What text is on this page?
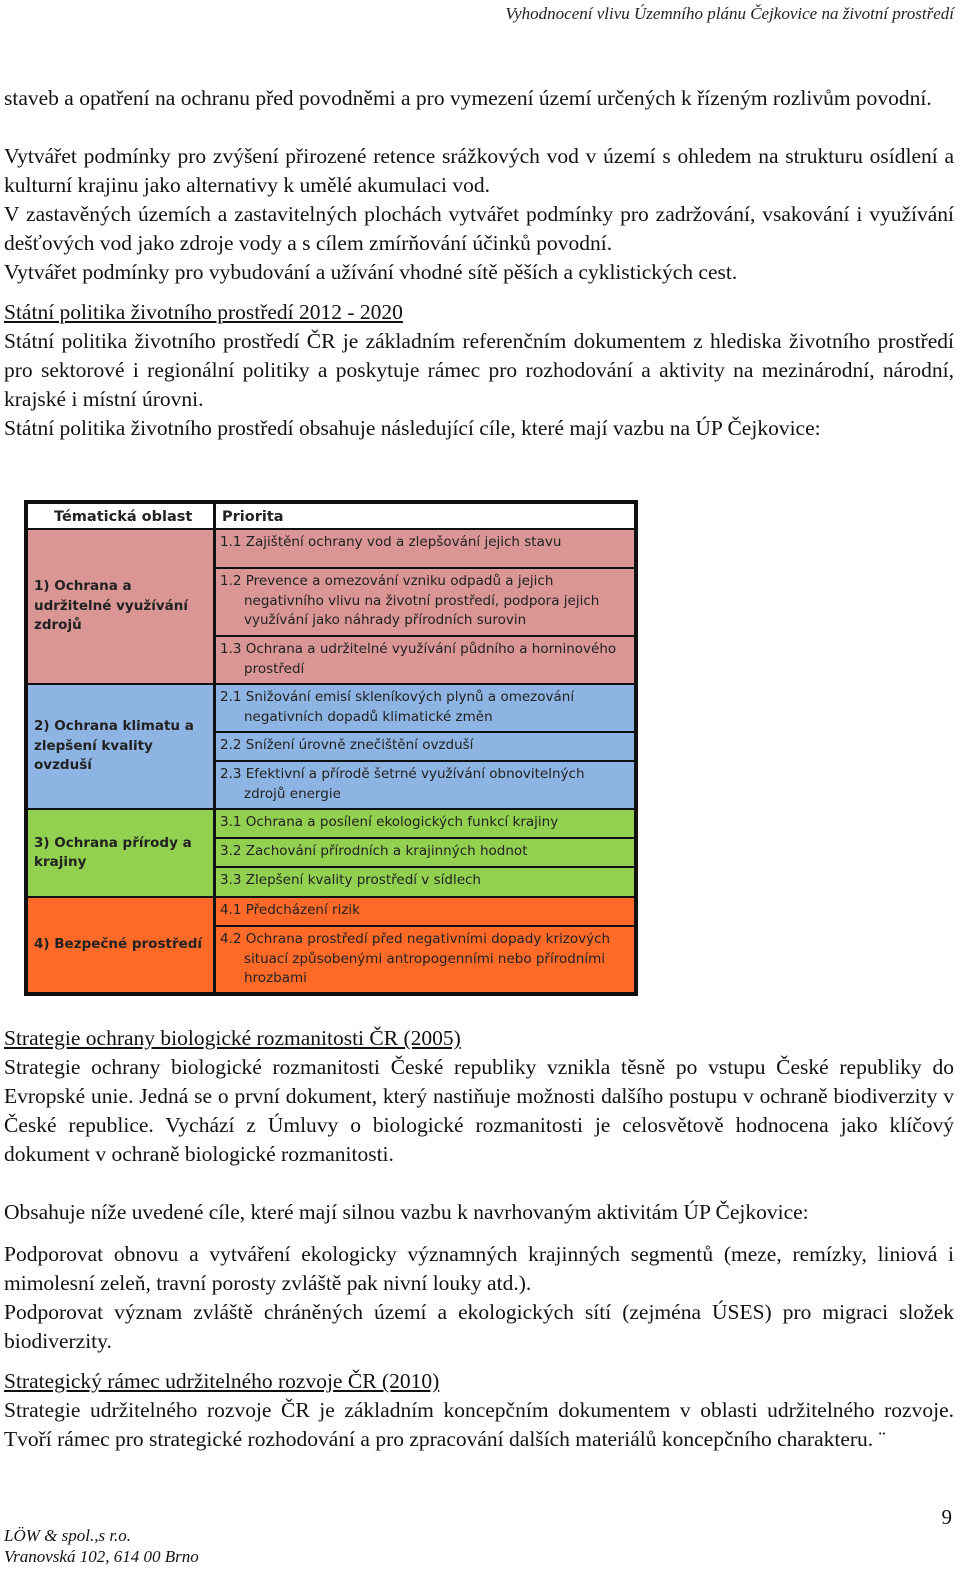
Vyhodnocení vlivu Územního plánu Čejkovice na životní prostředí
staveb a opatření na ochranu před povodněmi a pro vymezení území určených k řízeným rozlivům povodní.
Vytvářet podmínky pro zvýšení přirozené retence srážkových vod v území s ohledem na strukturu osídlení a kulturní krajinu jako alternativy k umělé akumulaci vod.
V zastavěných územích a zastavitelných plochách vytvářet podmínky pro zadržování, vsakování i využívání dešťových vod jako zdroje vody a s cílem zmírňování účinků povodní.
Vytvářet podmínky pro vybudování a užívání vhodné sítě pěších a cyklistických cest.
Státní politika životního prostředí 2012 - 2020
Státní politika životního prostředí ČR je základním referenčním dokumentem z hlediska životního prostředí pro sektorové i regionální politiky a poskytuje rámec pro rozhodování a aktivity na mezinárodní, národní, krajské i místní úrovni.
Státní politika životního prostředí obsahuje následující cíle, které mají vazbu na ÚP Čejkovice:
Tématická oblast	Priorita
1) Ochrana a udržitelné využívání zdrojů
2) Ochrana klimatu a zlepšení kvality ovzduší
3) Ochrana přírody a krajiny
4) Bezpečné prostředí
1.1 Zajištění ochrany vod a zlepšování jejich stavu
1.2 Prevence a omezování vzniku odpadů a jejich negativního vlivu na životní prostředí, podpora jejich využívání jako náhrady přírodních surovin
1.3 Ochrana a udržitelné využívání půdního a horninového prostředí
2.1 Snižování emisí skleníkových plynů a omezování negativních dopadů klimatické změn
2.2 Snížení úrovně znečištění ovzduší
2.3 Efektivní a přírodě šetrné využívání obnovitelných zdrojů energie
3.1 Ochrana a posílení ekologických funkcí krajiny
3.2 Zachování přírodních a krajinných hodnot
3.3 Zlepšení kvality prostředí v sídlech
4.1 Předcházení rizik
4.2 Ochrana prostředí před negativními dopady krizových situací způsobenými antropogenními nebo přírodními hrozbami
Strategie ochrany biologické rozmanitosti ČR (2005)
Strategie ochrany biologické rozmanitosti České republiky vznikla těsně po vstupu České republiky do Evropské unie. Jedná se o první dokument, který nastiňuje možnosti dalšího postupu v ochraně biodiverzity v České republice. Vychází z Úmluvy o biologické rozmanitosti je celosvětově hodnocena jako klíčový dokument v ochraně biologické rozmanitosti.
Obsahuje níže uvedené cíle, které mají silnou vazbu k navrhovaným aktivitám ÚP Čejkovice:
Podporovat obnovu a vytváření ekologicky významných krajinných segmentů (meze, remízky, liniová i mimolesní zeleň, travní porosty zvláště pak nivní louky atd.).
Podporovat význam zvláště chráněných území a ekologických sítí (zejména ÚSES) pro migraci složek biodiverzity.
Strategický rámec udržitelného rozvoje ČR (2010)
Strategie udržitelného rozvoje ČR je základním koncepčním dokumentem v oblasti udržitelného rozvoje. Tvoří rámec pro strategické rozhodování a pro zpracování dalších materiálů koncepčního charakteru. ¨
9
LÖW & spol.,s r.o.
Vranovská 102, 614 00 Brno
